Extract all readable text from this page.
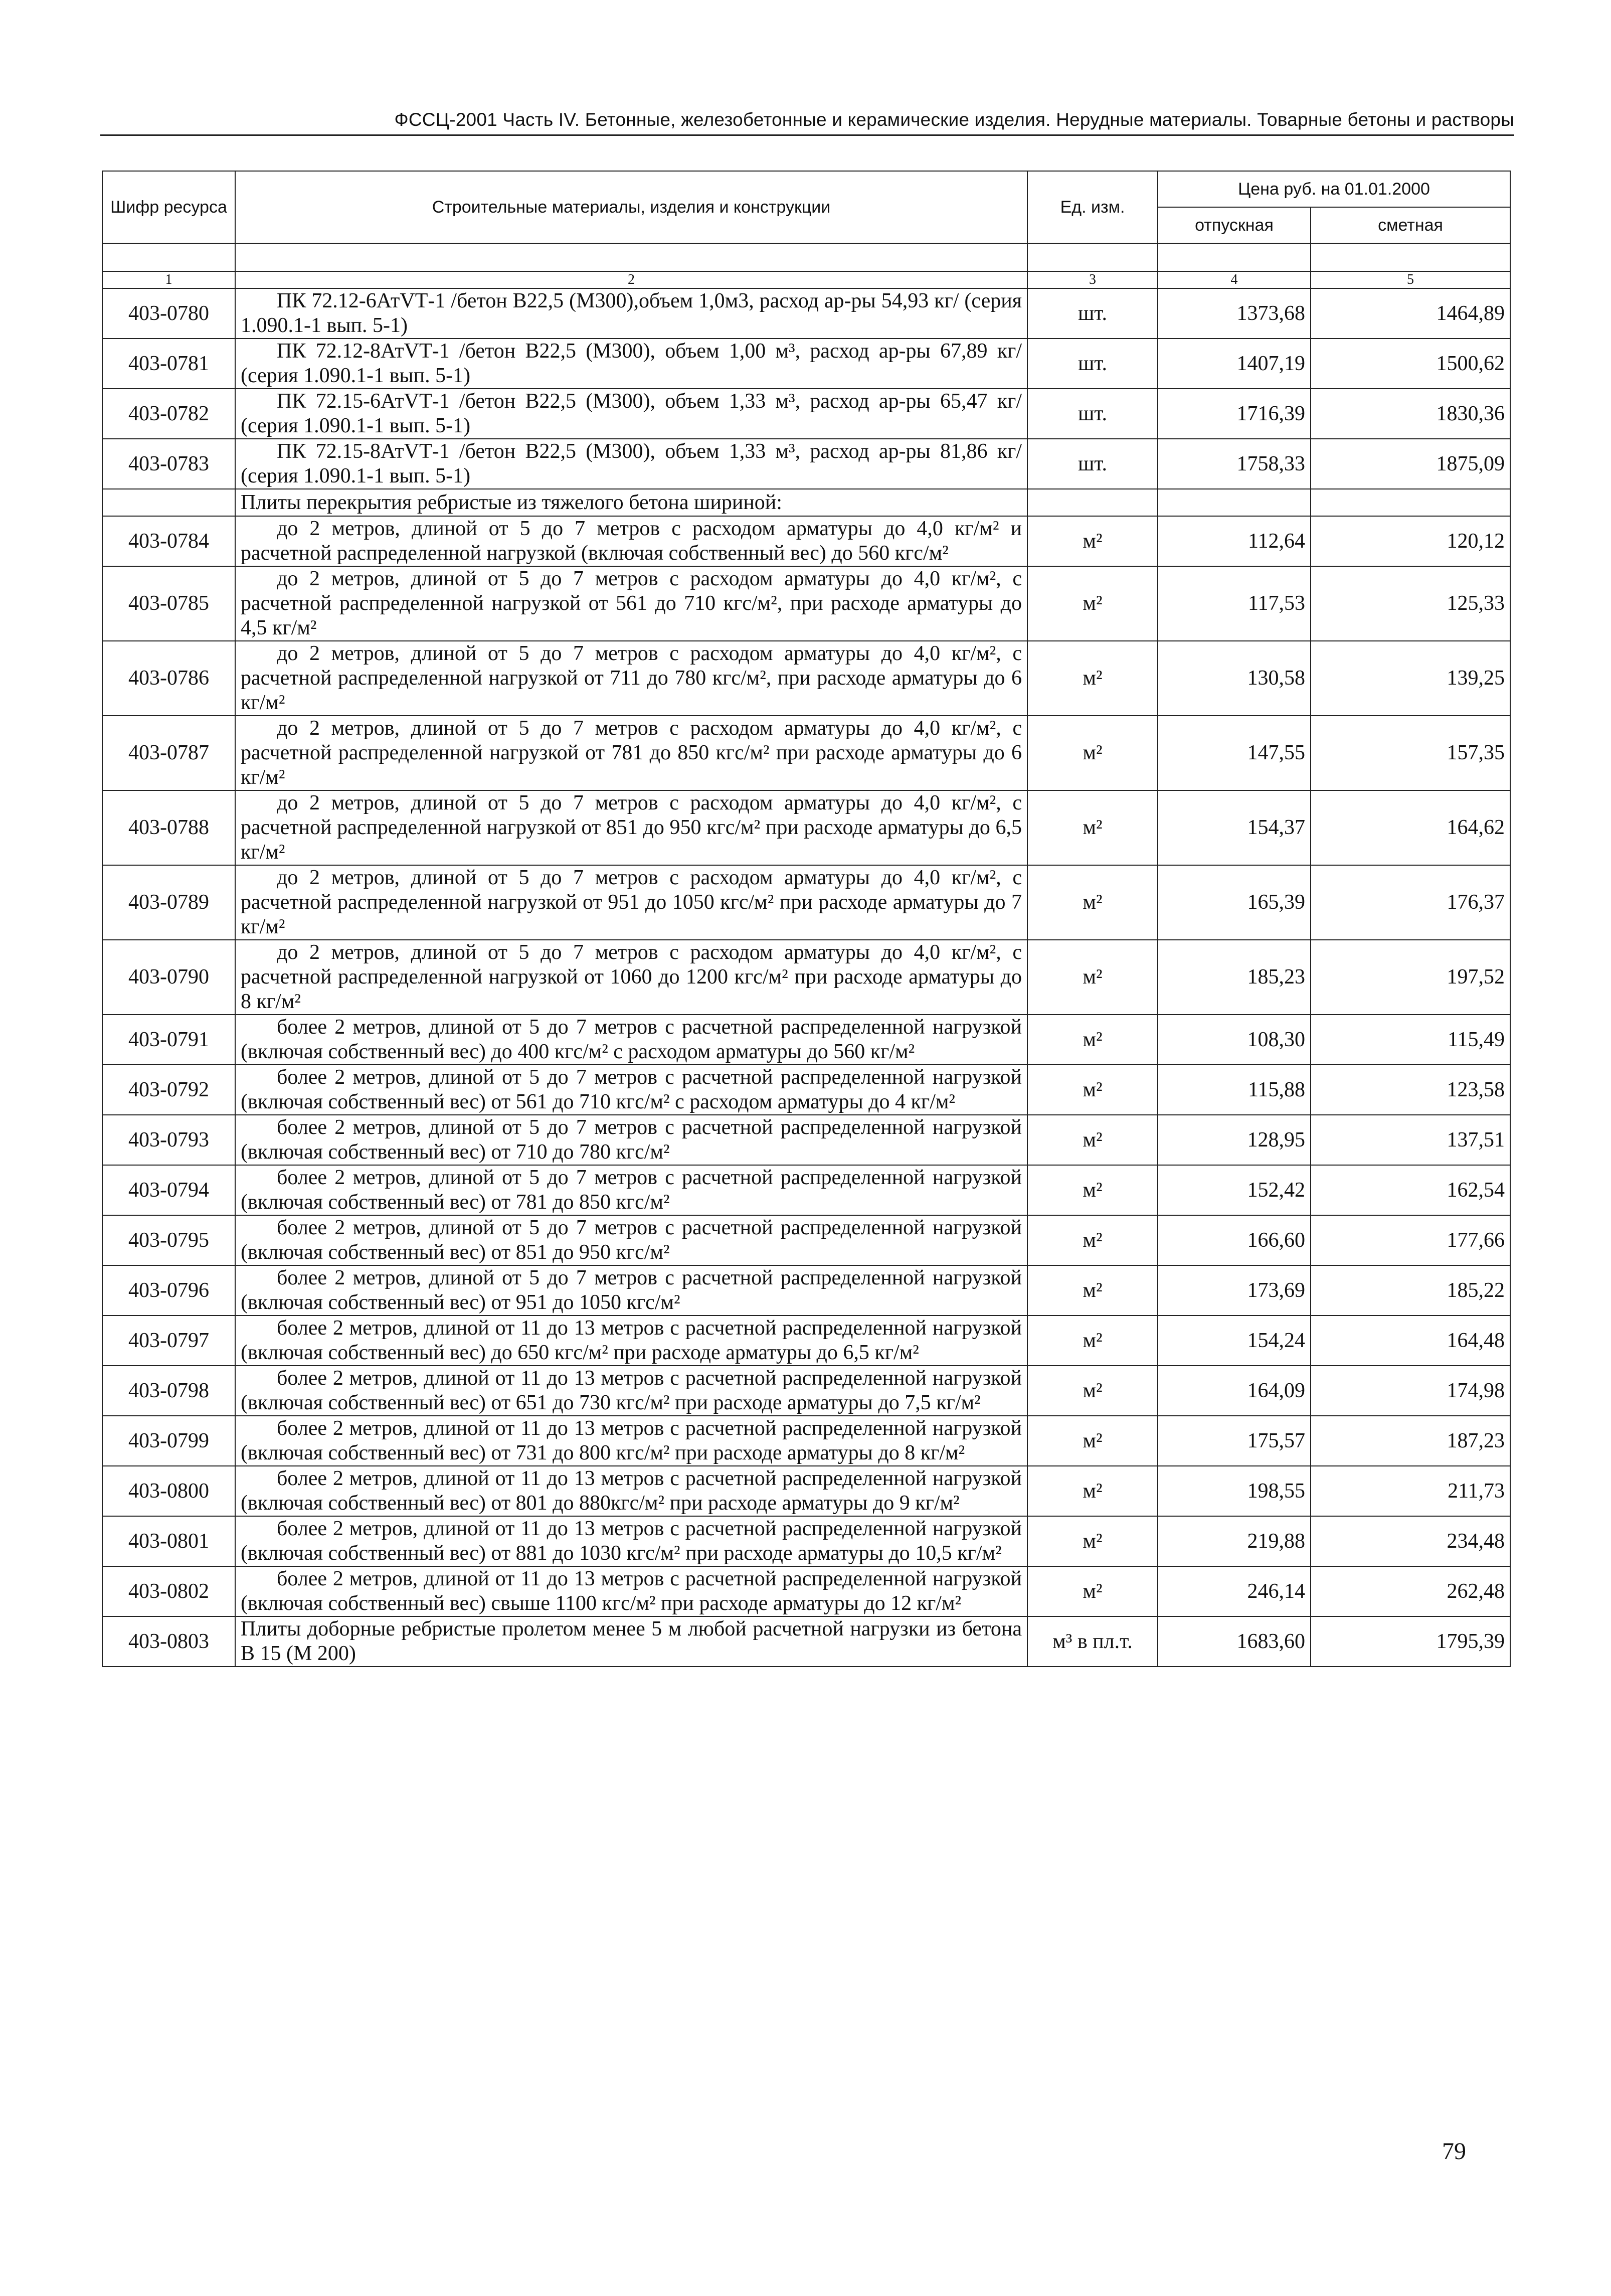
ФССЦ-2001 Часть IV. Бетонные, железобетонные и керамические изделия. Нерудные материалы. Товарные бетоны и растворы
Шифр ресурса	Строительные материалы, изделия и конструкции	Ед. изм.	Цена руб. на 01.01.2000	
			отпускная	сметная

1	2	3	4	5
403-0780	ПК 72.12-6АтVТ-1 /бетон В22,5 (М300),объем 1,0м3, расход ар-ры 54,93 кг/ (серия 1.090.1-1 вып. 5-1)	шт.	1373,68	1464,89
403-0781	ПК 72.12-8АтVТ-1 /бетон В22,5 (М300), объем 1,00 м³, расход ар-ры 67,89 кг/ (серия 1.090.1-1 вып. 5-1)	шт.	1407,19	1500,62
403-0782	ПК 72.15-6АтVТ-1 /бетон В22,5 (М300), объем 1,33 м³, расход ар-ры 65,47 кг/ (серия 1.090.1-1 вып. 5-1)	шт.	1716,39	1830,36
403-0783	ПК 72.15-8АтVТ-1 /бетон В22,5 (М300), объем 1,33 м³, расход ар-ры 81,86 кг/ (серия 1.090.1-1 вып. 5-1)	шт.	1758,33	1875,09
	Плиты перекрытия ребристые из тяжелого бетона шириной:			
403-0784	до 2 метров, длиной от 5 до 7 метров с расходом арматуры до 4,0 кг/м² и расчетной распределенной нагрузкой (включая собственный вес) до 560 кгс/м²	м²	112,64	120,12
403-0785	до 2 метров, длиной от 5 до 7 метров с расходом арматуры до 4,0 кг/м², с расчетной распределенной нагрузкой от 561 до 710 кгс/м², при расходе арматуры до 4,5 кг/м²	м²	117,53	125,33
403-0786	до 2 метров, длиной от 5 до 7 метров с расходом арматуры до 4,0 кг/м², с расчетной распределенной нагрузкой от 711 до 780 кгс/м², при расходе арматуры до 6 кг/м²	м²	130,58	139,25
403-0787	до 2 метров, длиной от 5 до 7 метров с расходом арматуры до 4,0 кг/м², с расчетной распределенной нагрузкой от 781 до 850 кгс/м² при расходе арматуры до 6 кг/м²	м²	147,55	157,35
403-0788	до 2 метров, длиной от 5 до 7 метров с расходом арматуры до 4,0 кг/м², с расчетной распределенной нагрузкой от 851 до 950 кгс/м² при расходе арматуры до 6,5 кг/м²	м²	154,37	164,62
403-0789	до 2 метров, длиной от 5 до 7 метров с расходом арматуры до 4,0 кг/м², с расчетной распределенной нагрузкой от 951 до 1050 кгс/м² при расходе арматуры до 7 кг/м²	м²	165,39	176,37
403-0790	до 2 метров, длиной от 5 до 7 метров с расходом арматуры до 4,0 кг/м², с расчетной распределенной нагрузкой от 1060 до 1200 кгс/м² при расходе арматуры до 8 кг/м²	м²	185,23	197,52
403-0791	более 2 метров, длиной от 5 до 7 метров с расчетной распределенной нагрузкой (включая собственный вес) до 400 кгс/м² с расходом арматуры до 560 кг/м²	м²	108,30	115,49
403-0792	более 2 метров, длиной от 5 до 7 метров с расчетной распределенной нагрузкой (включая собственный вес) от 561 до 710 кгс/м² с расходом арматуры до 4 кг/м²	м²	115,88	123,58
403-0793	более 2 метров, длиной от 5 до 7 метров с расчетной распределенной нагрузкой (включая собственный вес) от 710 до 780 кгс/м²	м²	128,95	137,51
403-0794	более 2 метров, длиной от 5 до 7 метров с расчетной распределенной нагрузкой (включая собственный вес) от 781 до 850 кгс/м²	м²	152,42	162,54
403-0795	более 2 метров, длиной от 5 до 7 метров с расчетной распределенной нагрузкой (включая собственный вес) от 851 до 950 кгс/м²	м²	166,60	177,66
403-0796	более 2 метров, длиной от 5 до 7 метров с расчетной распределенной нагрузкой (включая собственный вес) от 951 до 1050 кгс/м²	м²	173,69	185,22
403-0797	более 2 метров, длиной от 11 до 13 метров с расчетной распределенной нагрузкой (включая собственный вес) до 650 кгс/м² при расходе арматуры до 6,5 кг/м²	м²	154,24	164,48
403-0798	более 2 метров, длиной от 11 до 13 метров с расчетной распределенной нагрузкой (включая собственный вес) от 651 до 730 кгс/м² при расходе арматуры до 7,5 кг/м²	м²	164,09	174,98
403-0799	более 2 метров, длиной от 11 до 13 метров с расчетной распределенной нагрузкой (включая собственный вес) от 731 до 800 кгс/м² при расходе арматуры до 8 кг/м²	м²	175,57	187,23
403-0800	более 2 метров, длиной от 11 до 13 метров с расчетной распределенной нагрузкой (включая собственный вес) от 801 до 880кгс/м² при расходе арматуры до 9 кг/м²	м²	198,55	211,73
403-0801	более 2 метров, длиной от 11 до 13 метров с расчетной распределенной нагрузкой (включая собственный вес) от 881 до 1030 кгс/м² при расходе арматуры до 10,5 кг/м²	м²	219,88	234,48
403-0802	более 2 метров, длиной от 11 до 13 метров с расчетной распределенной нагрузкой (включая собственный вес) свыше 1100 кгс/м² при расходе арматуры до 12 кг/м²	м²	246,14	262,48
403-0803	Плиты доборные ребристые пролетом менее 5 м любой расчетной нагрузки из бетона В 15 (М 200)	м³ в пл.т.	1683,60	1795,39
79
